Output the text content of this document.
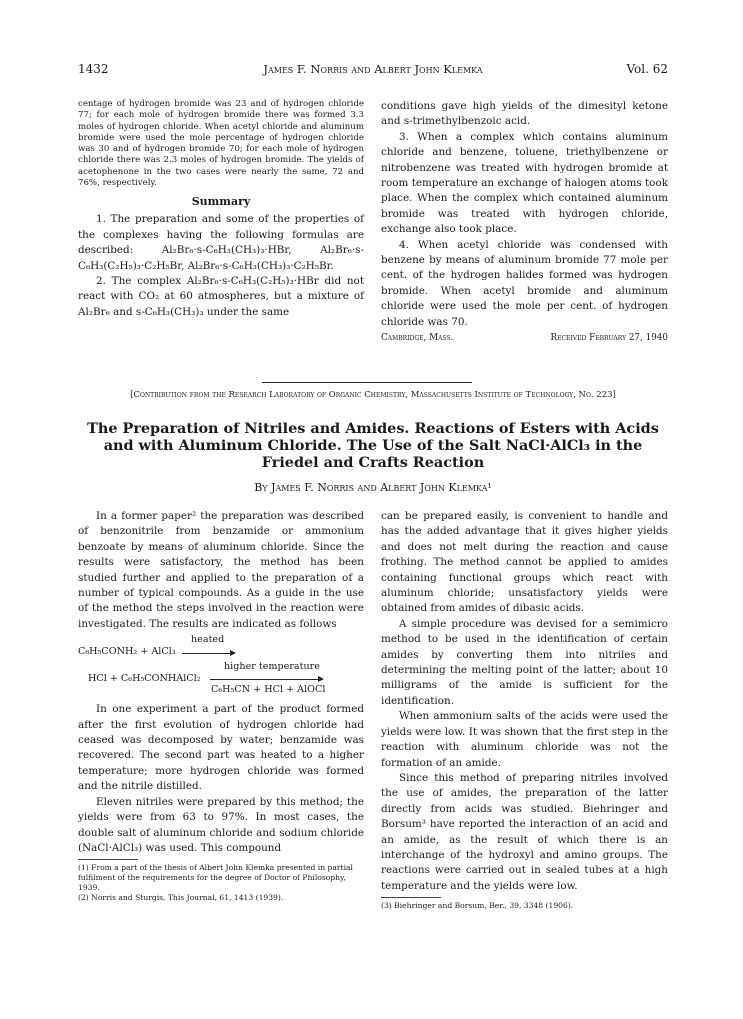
1432	James F. Norris and Albert John Klemka	Vol. 62

centage of hydrogen bromide was 23 and of hydrogen chloride 77; for each mole of hydrogen bromide there was formed 3.3 moles of hydrogen chloride. When acetyl chloride and aluminum bromide were used the mole percentage of hydrogen chloride was 30 and of hydrogen bromide 70; for each mole of hydrogen chloride there was 2.3 moles of hydrogen bromide. The yields of acetophenone in the two cases were nearly the same, 72 and 76%, respectively.

Summary

1. The preparation and some of the properties of the complexes having the following formulas are described: Al₂Br₆·s-C₆H₃(CH₃)₃·HBr, Al₂Br₆·s-C₆H₃(C₂H₅)₃·C₂H₅Br, Al₂Br₆·s-C₆H₃(CH₃)₃·C₂H₅Br.

2. The complex Al₂Br₆·s-C₆H₃(C₂H₅)₃·HBr did not react with CO₂ at 60 atmospheres, but a mixture of Al₂Br₆ and s-C₆H₃(CH₃)₃ under the same

conditions gave high yields of the dimesityl ketone and s-trimethylbenzoic acid.

3. When a complex which contains aluminum chloride and benzene, toluene, triethylbenzene or nitrobenzene was treated with hydrogen bromide at room temperature an exchange of halogen atoms took place. When the complex which contained aluminum bromide was treated with hydrogen chloride, exchange also took place.

4. When acetyl chloride was condensed with benzene by means of aluminum bromide 77 mole per cent. of the hydrogen halides formed was hydrogen bromide. When acetyl bromide and aluminum chloride were used the mole per cent. of hydrogen chloride was 70.

Cambridge, Mass.	Received February 27, 1940
[Contribution from the Research Laboratory of Organic Chemistry, Massachusetts Institute of Technology, No. 223]
The Preparation of Nitriles and Amides. Reactions of Esters with Acids and with Aluminum Chloride. The Use of the Salt NaCl·AlCl₃ in the Friedel and Crafts Reaction
By James F. Norris and Albert John Klemka¹

In a former paper² the preparation was described of benzonitrile from benzamide or ammonium benzoate by means of aluminum chloride. Since the results were satisfactory, the method has been studied further and applied to the preparation of a number of typical compounds. As a guide in the use of the method the steps involved in the reaction were investigated. The results are indicated as follows

C₆H₅CONH₂ + AlCl₃
heated
HCl + C₆H₅CONHAlCl₂
higher temperature
C₆H₅CN + HCl + AlOCl

In one experiment a part of the product formed after the first evolution of hydrogen chloride had ceased was decomposed by water; benzamide was recovered. The second part was heated to a higher temperature; more hydrogen chloride was formed and the nitrile distilled.

Eleven nitriles were prepared by this method; the yields were from 63 to 97%. In most cases, the double salt of aluminum chloride and sodium chloride (NaCl·AlCl₃) was used. This compound

(1) From a part of the thesis of Albert John Klemka presented in partial fulfilment of the requirements for the degree of Doctor of Philosophy, 1939.

(2) Norris and Sturgis, This Journal, 61, 1413 (1939).

can be prepared easily, is convenient to handle and has the added advantage that it gives higher yields and does not melt during the reaction and cause frothing. The method cannot be applied to amides containing functional groups which react with aluminum chloride; unsatisfactory yields were obtained from amides of dibasic acids.

A simple procedure was devised for a semimicro method to be used in the identification of certain amides by converting them into nitriles and determining the melting point of the latter; about 10 milligrams of the amide is sufficient for the identification.

When ammonium salts of the acids were used the yields were low. It was shown that the first step in the reaction with aluminum chloride was not the formation of an amide.

Since this method of preparing nitriles involved the use of amides, the preparation of the latter directly from acids was studied. Biehringer and Borsum³ have reported the interaction of an acid and an amide, as the result of which there is an interchange of the hydroxyl and amino groups. The reactions were carried out in sealed tubes at a high temperature and the yields were low.

(3) Biehringer and Borsum, Ber., 39, 3348 (1906).
